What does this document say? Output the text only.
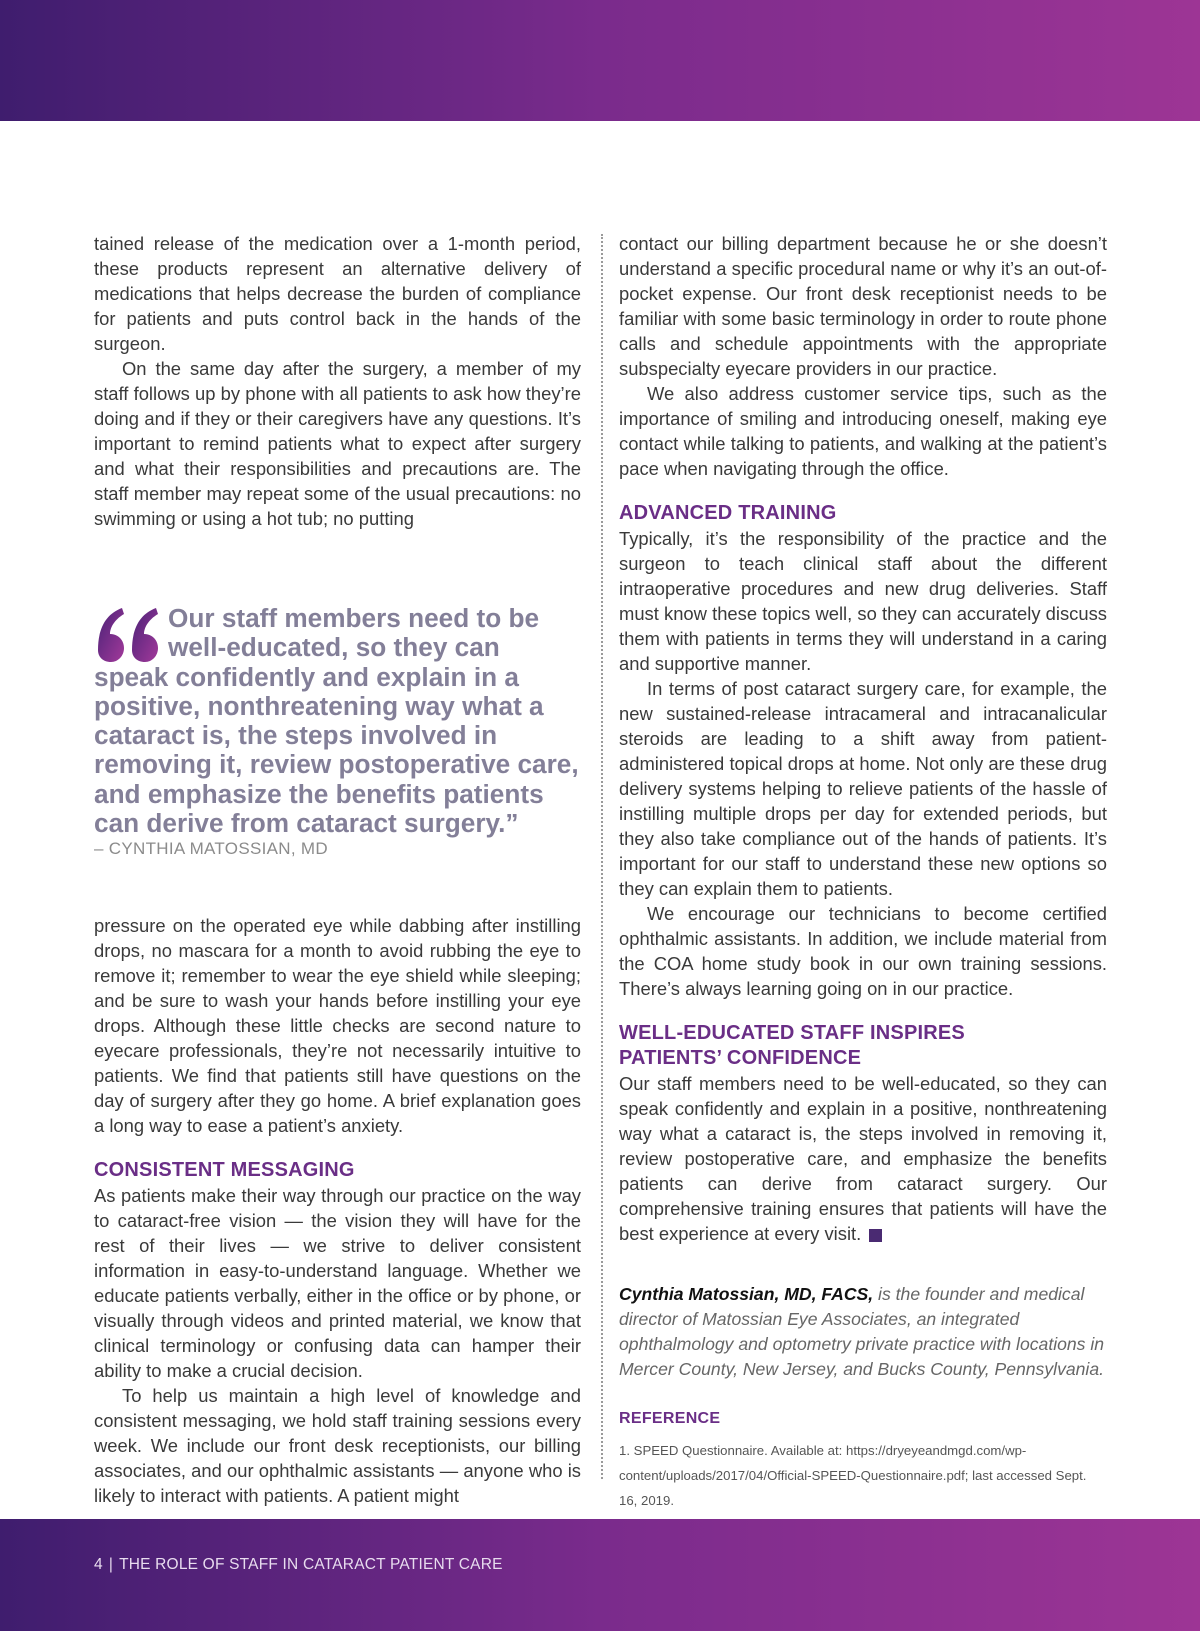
tained release of the medication over a 1-month period, these products represent an alternative delivery of medications that helps decrease the burden of compliance for patients and puts control back in the hands of the surgeon.

On the same day after the surgery, a member of my staff follows up by phone with all patients to ask how they’re doing and if they or their caregivers have any questions. It’s important to remind patients what to expect after surgery and what their responsibilities and precautions are. The staff member may repeat some of the usual precautions: no swimming or using a hot tub; no putting

Our staff members need to be well-educated, so they can speak confidently and explain in a positive, nonthreatening way what a cataract is, the steps involved in removing it, review postoperative care, and emphasize the benefits patients can derive from cataract surgery.”

– CYNTHIA MATOSSIAN, MD

pressure on the operated eye while dabbing after instilling drops, no mascara for a month to avoid rubbing the eye to remove it; remember to wear the eye shield while sleeping; and be sure to wash your hands before instilling your eye drops. Although these little checks are second nature to eyecare professionals, they’re not necessarily intuitive to patients. We find that patients still have questions on the day of surgery after they go home. A brief explanation goes a long way to ease a patient’s anxiety.

CONSISTENT MESSAGING

As patients make their way through our practice on the way to cataract-free vision — the vision they will have for the rest of their lives — we strive to deliver consistent information in easy-to-understand language. Whether we educate patients verbally, either in the office or by phone, or visually through videos and printed material, we know that clinical terminology or confusing data can hamper their ability to make a crucial decision.

To help us maintain a high level of knowledge and consistent messaging, we hold staff training sessions every week. We include our front desk receptionists, our billing associates, and our ophthalmic assistants — anyone who is likely to interact with patients. A patient might

contact our billing department because he or she doesn’t understand a specific procedural name or why it’s an out-of-pocket expense. Our front desk receptionist needs to be familiar with some basic terminology in order to route phone calls and schedule appointments with the appropriate subspecialty eyecare providers in our practice.

We also address customer service tips, such as the importance of smiling and introducing oneself, making eye contact while talking to patients, and walking at the patient’s pace when navigating through the office.

ADVANCED TRAINING

Typically, it’s the responsibility of the practice and the surgeon to teach clinical staff about the different intraoperative procedures and new drug deliveries. Staff must know these topics well, so they can accurately discuss them with patients in terms they will understand in a caring and supportive manner.

In terms of post cataract surgery care, for example, the new sustained-release intracameral and intracanalicular steroids are leading to a shift away from patient-administered topical drops at home. Not only are these drug delivery systems helping to relieve patients of the hassle of instilling multiple drops per day for extended periods, but they also take compliance out of the hands of patients. It’s important for our staff to understand these new options so they can explain them to patients.

We encourage our technicians to become certified ophthalmic assistants. In addition, we include material from the COA home study book in our own training sessions. There’s always learning going on in our practice.

WELL-EDUCATED STAFF INSPIRES
PATIENTS’ CONFIDENCE

Our staff members need to be well-educated, so they can speak confidently and explain in a positive, nonthreatening way what a cataract is, the steps involved in removing it, review postoperative care, and emphasize the benefits patients can derive from cataract surgery. Our comprehensive training ensures that patients will have the best experience at every visit.

Cynthia Matossian, MD, FACS, is the founder and medical director of Matossian Eye Associates, an integrated ophthalmology and optometry private practice with locations in Mercer County, New Jersey, and Bucks County, Pennsylvania.

REFERENCE

1. SPEED Questionnaire. Available at: https://dryeyeandmgd.com/wp-content/uploads/2017/04/Official-SPEED-Questionnaire.pdf; last accessed Sept. 16, 2019.

4 | THE ROLE OF STAFF IN CATARACT PATIENT CARE
